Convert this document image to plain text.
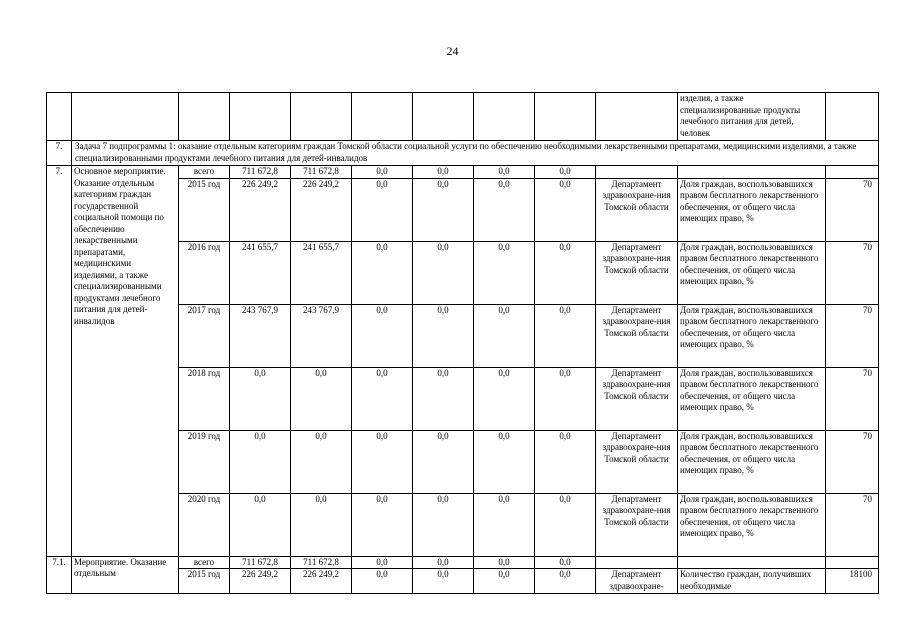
24
										изделия, а также специализированные продукты лечебного питания для детей, человек	
7.	Задача 7 подпрограммы 1: оказание отдельным категориям граждан Томской области социальной услуги по обеспечению необходимыми лекарственными препаратами, медицинскими изделиями, а также специализированными продуктами лечебного питания для детей-инвалидов										
7.	Основное мероприятие. Оказание отдельным категориям граждан государственной социальной помощи по обеспечению лекарственными препаратами, медицинскими изделиями, а также специализированными продуктами лечебного питания для детей-инвалидов	всего	711 672,8	711 672,8	0,0	0,0	0,0	0,0			
		2015 год	226 249,2	226 249,2	0,0	0,0	0,0	0,0	Департамент здравоохране-ния Томской области	Доля граждан, воспользовавшихся правом бесплатного лекарственного обеспечения, от общего числа имеющих право, %	70
		2016 год	241 655,7	241 655,7	0,0	0,0	0,0	0,0	Департамент здравоохране-ния Томской области	Доля граждан, воспользовавшихся правом бесплатного лекарственного обеспечения, от общего числа имеющих право, %	70
		2017 год	243 767,9	243 767,9	0,0	0,0	0,0	0,0	Департамент здравоохране-ния Томской области	Доля граждан, воспользовавшихся правом бесплатного лекарственного обеспечения, от общего числа имеющих право, %	70
		2018 год	0,0	0,0	0,0	0,0	0,0	0,0	Департамент здравоохране-ния Томской области	Доля граждан, воспользовавшихся правом бесплатного лекарственного обеспечения, от общего числа имеющих право, %	70
		2019 год	0,0	0,0	0,0	0,0	0,0	0,0	Департамент здравоохране-ния Томской области	Доля граждан, воспользовавшихся правом бесплатного лекарственного обеспечения, от общего числа имеющих право, %	70
		2020 год	0,0	0,0	0,0	0,0	0,0	0,0	Департамент здравоохране-ния Томской области	Доля граждан, воспользовавшихся правом бесплатного лекарственного обеспечения, от общего числа имеющих право, %	70
7.1.	Мероприятие. Оказание отдельным	всего	711 672,8	711 672,8	0,0	0,0	0,0	0,0			
		2015 год	226 249,2	226 249,2	0,0	0,0	0,0	0,0	Департамент здравоохране-	Количество граждан, получивших необходимые	18100
